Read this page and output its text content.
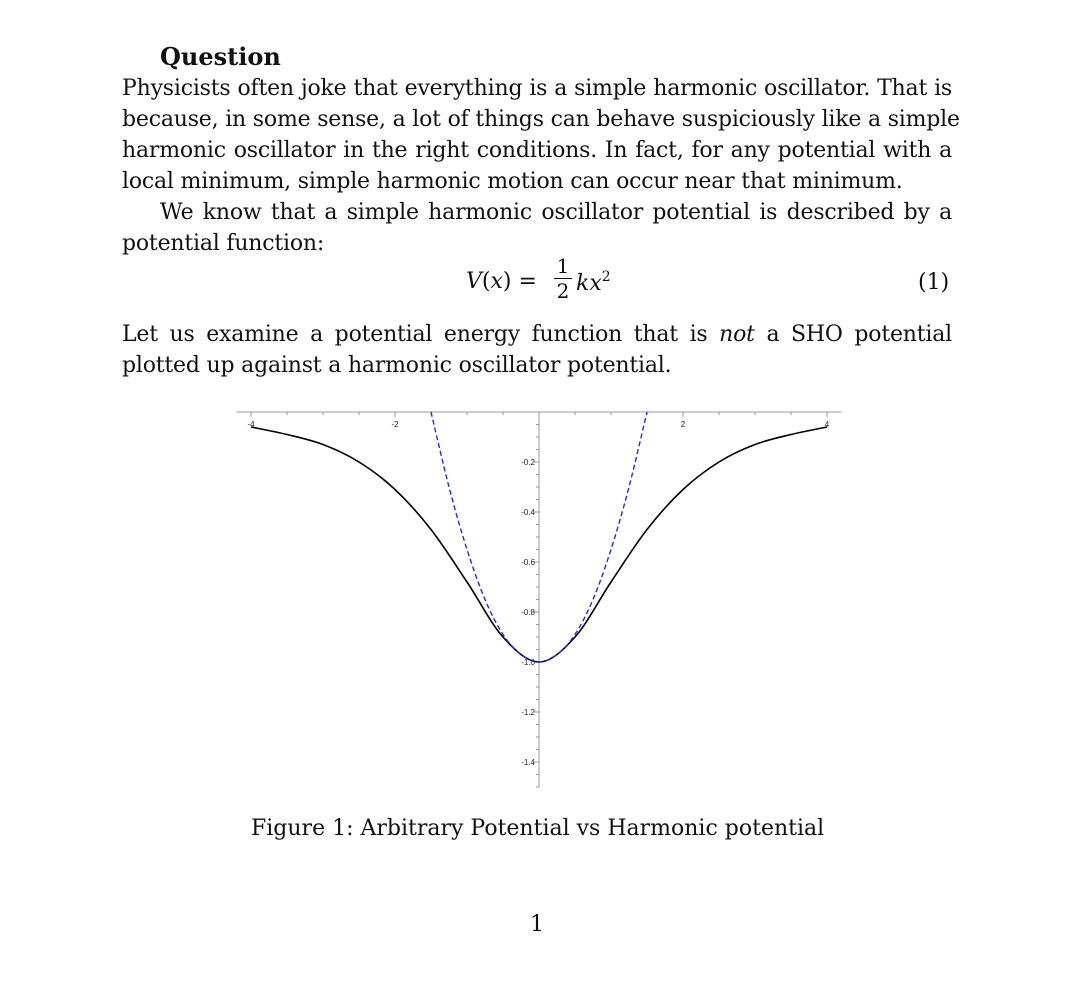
Question
Physicists often joke that everything is a simple harmonic oscillator. That is
because, in some sense, a lot of things can behave suspiciously like a simple
harmonic oscillator in the right conditions. In fact, for any potential with a
local minimum, simple harmonic motion can occur near that minimum.
We know that a simple harmonic oscillator potential is described by a
potential function:
V(x) =
1
2 $kx^2$	(1)
Let us examine a potential energy function that is not a SHO potential
plotted up against a harmonic oscillator potential.
-4	-2	2	4
-0.2
-0.4
-0.6
-0.8
-1.0
-1.2
-1.4
Figure 1: Arbitrary Potential vs Harmonic potential
1
